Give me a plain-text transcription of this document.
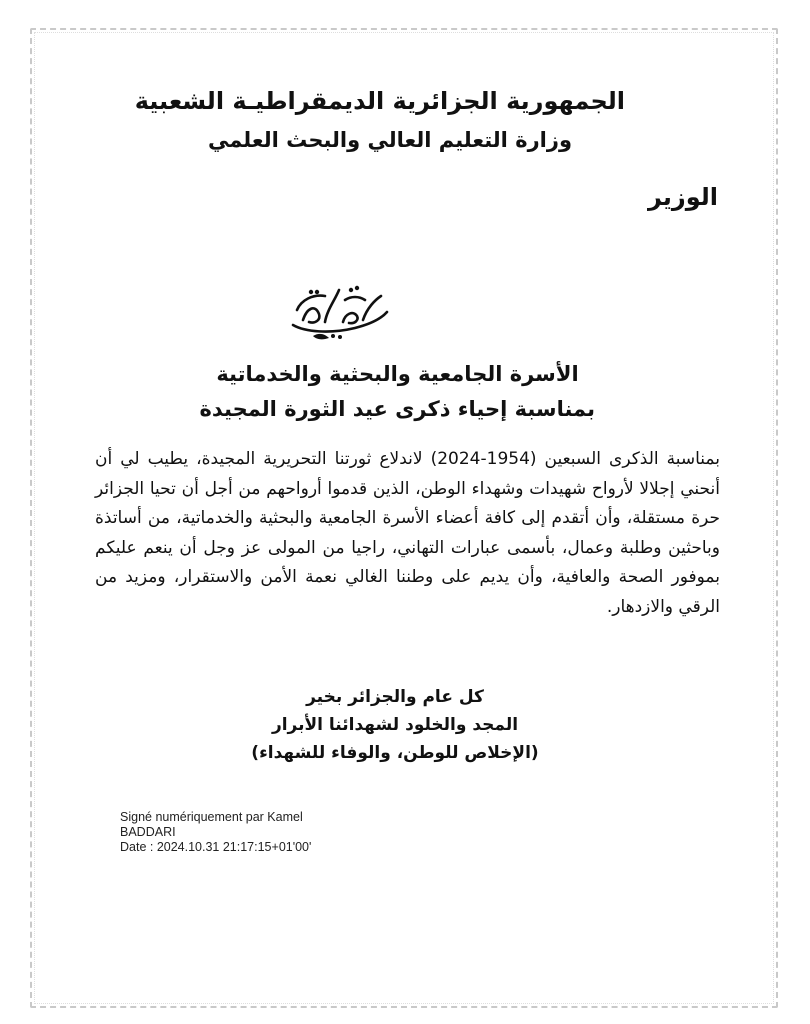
الجمهورية الجزائرية الديمقراطيـة الشعبية
وزارة التعليم العالي والبحث العلمي
الوزير
الأسرة الجامعية والبحثية والخدماتية
بمناسبة إحياء ذكرى عيد الثورة المجيدة

بمناسبة الذكرى السبعين (1954-2024) لاندلاع ثورتنا التحريرية المجيدة، يطيب لي أن أنحني إجلالا لأرواح شهيدات وشهداء الوطن، الذين قدموا أرواحهم من أجل أن تحيا الجزائر حرة مستقلة، وأن أتقدم إلى كافة أعضاء الأسرة الجامعية والبحثية والخدماتية، من أساتذة وباحثين وطلبة وعمال، بأسمى عبارات التهاني، راجيا من المولى عز وجل أن ينعم عليكم بموفور الصحة والعافية، وأن يديم على وطننا الغالي نعمة الأمن والاستقرار، ومزيد من الرقي والازدهار.

كل عام والجزائر بخير
المجد والخلود لشهدائنا الأبرار
(الإخلاص للوطن، والوفاء للشهداء)
Signé numériquement par Kamel
BADDARI
Date : 2024.10.31 21:17:15+01'00'
